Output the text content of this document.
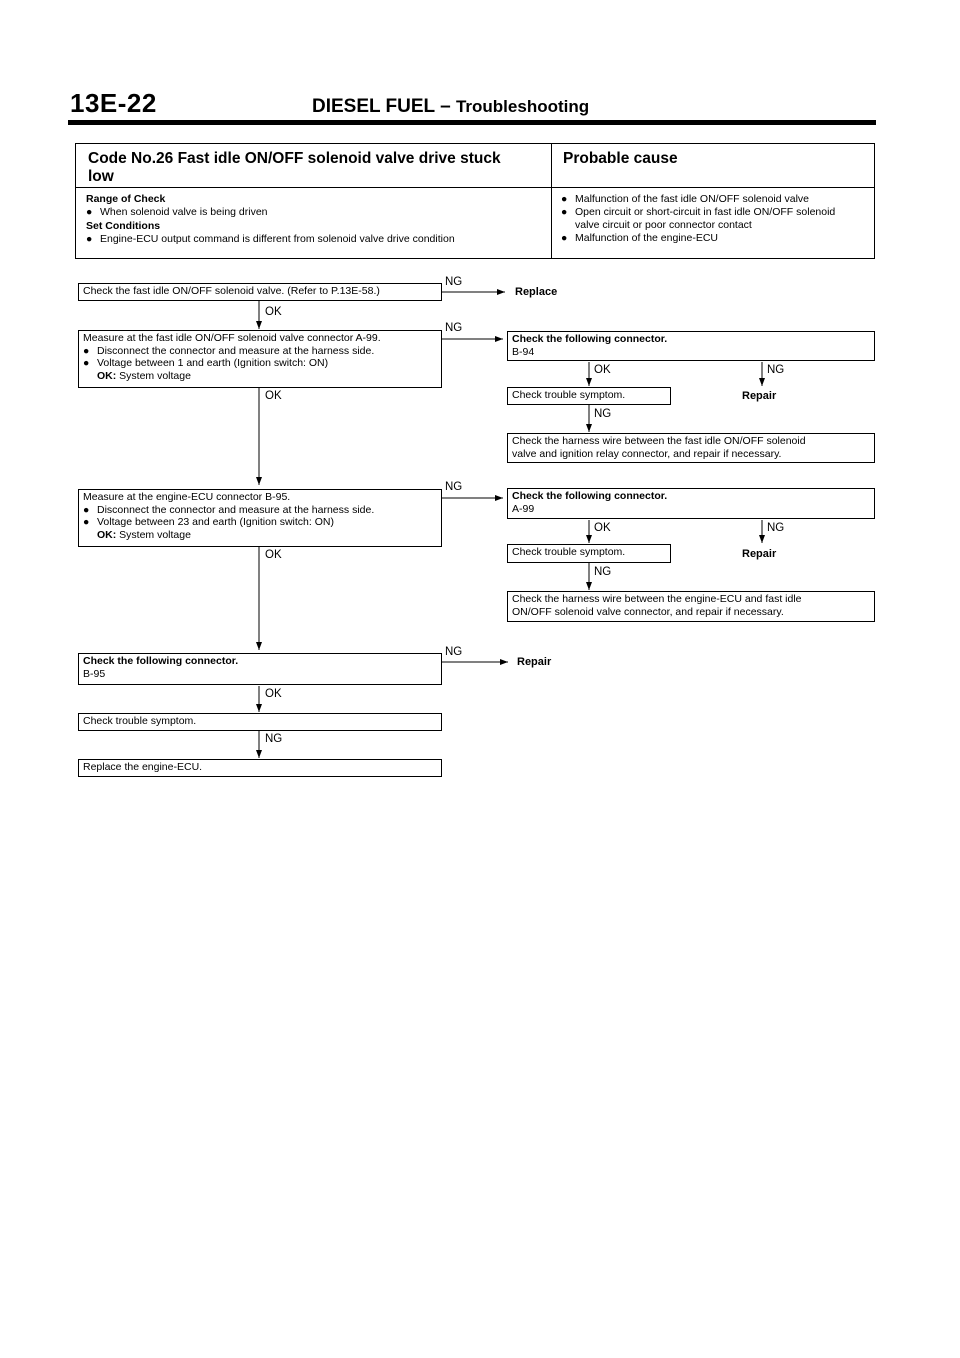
13E-22	DIESEL FUEL – Troubleshooting
Code No.26 Fast idle ON/OFF solenoid valve drive stuck
low
Probable cause
Range of Check
● When solenoid valve is being driven
Set Conditions
● Engine-ECU output command is different from solenoid valve drive condition
● Malfunction of the fast idle ON/OFF solenoid valve
● Open circuit or short-circuit in fast idle ON/OFF solenoid
valve circuit or poor connector contact
● Malfunction of the engine-ECU
Check the fast idle ON/OFF solenoid valve. (Refer to P.13E-58.)
NG
Replace
OK
Measure at the fast idle ON/OFF solenoid valve connector A-99.
● Disconnect the connector and measure at the harness side.
● Voltage between 1 and earth (Ignition switch: ON)
OK: System voltage
NG
OK
Check the following connector.
B-94
OK	NG
Check trouble symptom.	Repair
NG
Check the harness wire between the fast idle ON/OFF solenoid
valve and ignition relay connector, and repair if necessary.
Measure at the engine-ECU connector B-95.
● Disconnect the connector and measure at the harness side.
● Voltage between 23 and earth (Ignition switch: ON)
OK: System voltage
NG
OK
Check the following connector.
A-99
OK	NG
Check trouble symptom.	Repair
NG
Check the harness wire between the engine-ECU and fast idle
ON/OFF solenoid valve connector, and repair if necessary.
Check the following connector.
B-95
NG
Repair
OK
Check trouble symptom.
NG
Replace the engine-ECU.
